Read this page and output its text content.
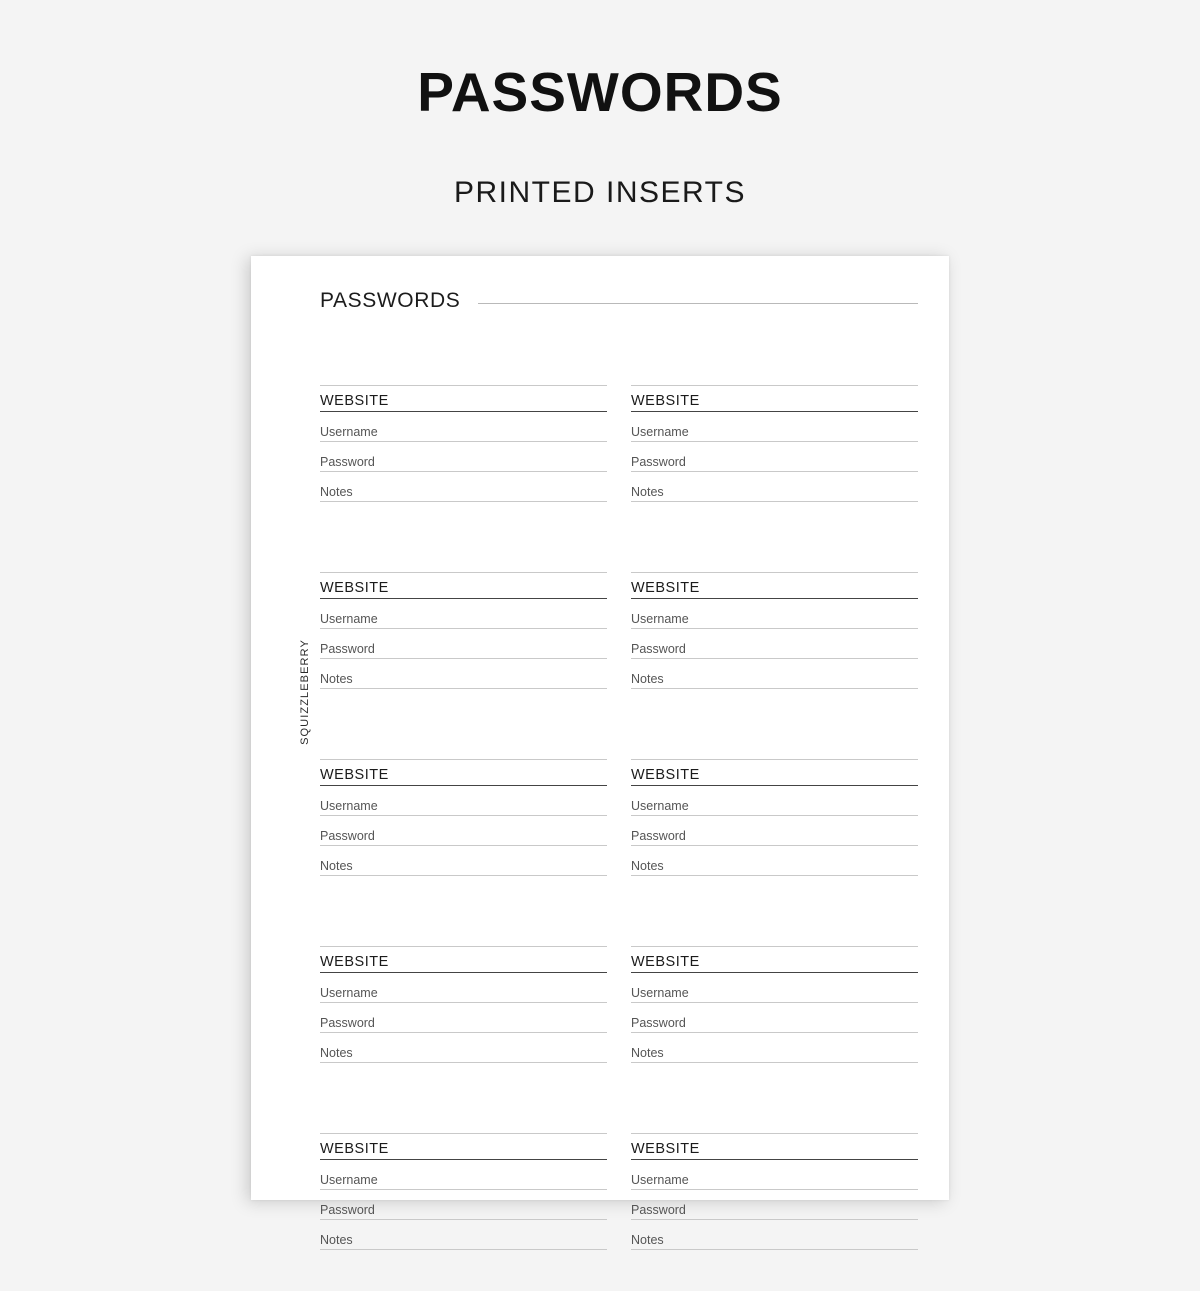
PASSWORDS
PRINTED INSERTS
SQUIZZLEBERRY
PASSWORDS
WEBSITE
Username
Password
Notes
WEBSITE
Username
Password
Notes
WEBSITE
Username
Password
Notes
WEBSITE
Username
Password
Notes
WEBSITE
Username
Password
Notes
WEBSITE
Username
Password
Notes
WEBSITE
Username
Password
Notes
WEBSITE
Username
Password
Notes
WEBSITE
Username
Password
Notes
WEBSITE
Username
Password
Notes
